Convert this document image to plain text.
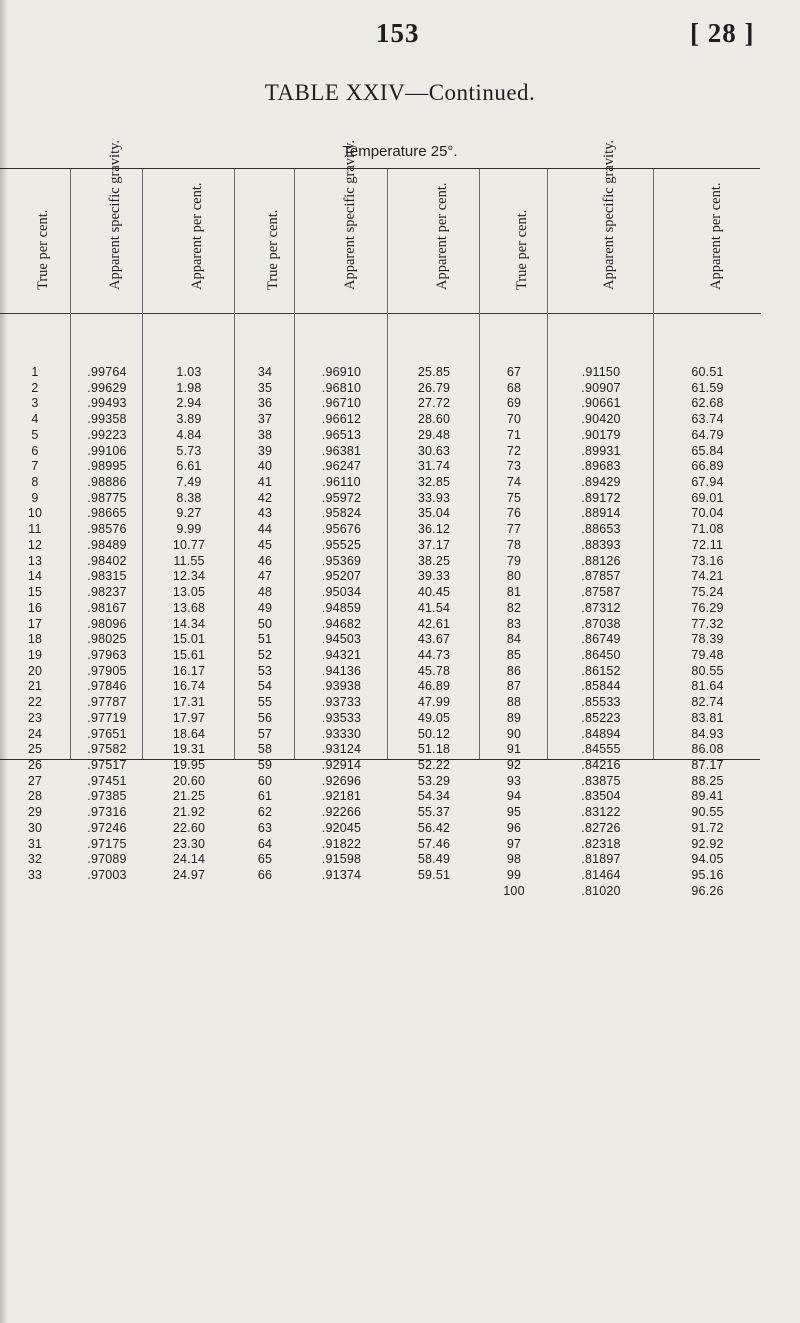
153	[ 28 ]
TABLE XXIV—Continued.
Temperature 25°.
True per cent.
1
2
3
4
5
6
7
8
9
10
11
12
13
14
15
16
17
18
19
20
21
22
23
24
25
26
27
28
29
30
31
32
33
Apparent specific gravity.
.99764
.99629
.99493
.99358
.99223
.99106
.98995
.98886
.98775
.98665
.98576
.98489
.98402
.98315
.98237
.98167
.98096
.98025
.97963
.97905
.97846
.97787
.97719
.97651
.97582
.97517
.97451
.97385
.97316
.97246
.97175
.97089
.97003
Apparent per cent.
1.03
1.98
2.94
3.89
4.84
5.73
6.61
7.49
8.38
9.27
9.99
10.77
11.55
12.34
13.05
13.68
14.34
15.01
15.61
16.17
16.74
17.31
17.97
18.64
19.31
19.95
20.60
21.25
21.92
22.60
23.30
24.14
24.97
True per cent.
34
35
36
37
38
39
40
41
42
43
44
45
46
47
48
49
50
51
52
53
54
55
56
57
58
59
60
61
62
63
64
65
66
Apparent specific gravity.
.96910
.96810
.96710
.96612
.96513
.96381
.96247
.96110
.95972
.95824
.95676
.95525
.95369
.95207
.95034
.94859
.94682
.94503
.94321
.94136
.93938
.93733
.93533
.93330
.93124
.92914
.92696
.92181
.92266
.92045
.91822
.91598
.91374
Apparent per cent.
25.85
26.79
27.72
28.60
29.48
30.63
31.74
32.85
33.93
35.04
36.12
37.17
38.25
39.33
40.45
41.54
42.61
43.67
44.73
45.78
46.89
47.99
49.05
50.12
51.18
52.22
53.29
54.34
55.37
56.42
57.46
58.49
59.51
True per cent.
67
68
69
70
71
72
73
74
75
76
77
78
79
80
81
82
83
84
85
86
87
88
89
90
91
92
93
94
95
96
97
98
99
100
Apparent specific gravity.
.91150
.90907
.90661
.90420
.90179
.89931
.89683
.89429
.89172
.88914
.88653
.88393
.88126
.87857
.87587
.87312
.87038
.86749
.86450
.86152
.85844
.85533
.85223
.84894
.84555
.84216
.83875
.83504
.83122
.82726
.82318
.81897
.81464
.81020
Apparent per cent.
60.51
61.59
62.68
63.74
64.79
65.84
66.89
67.94
69.01
70.04
71.08
72.11
73.16
74.21
75.24
76.29
77.32
78.39
79.48
80.55
81.64
82.74
83.81
84.93
86.08
87.17
88.25
89.41
90.55
91.72
92.92
94.05
95.16
96.26
